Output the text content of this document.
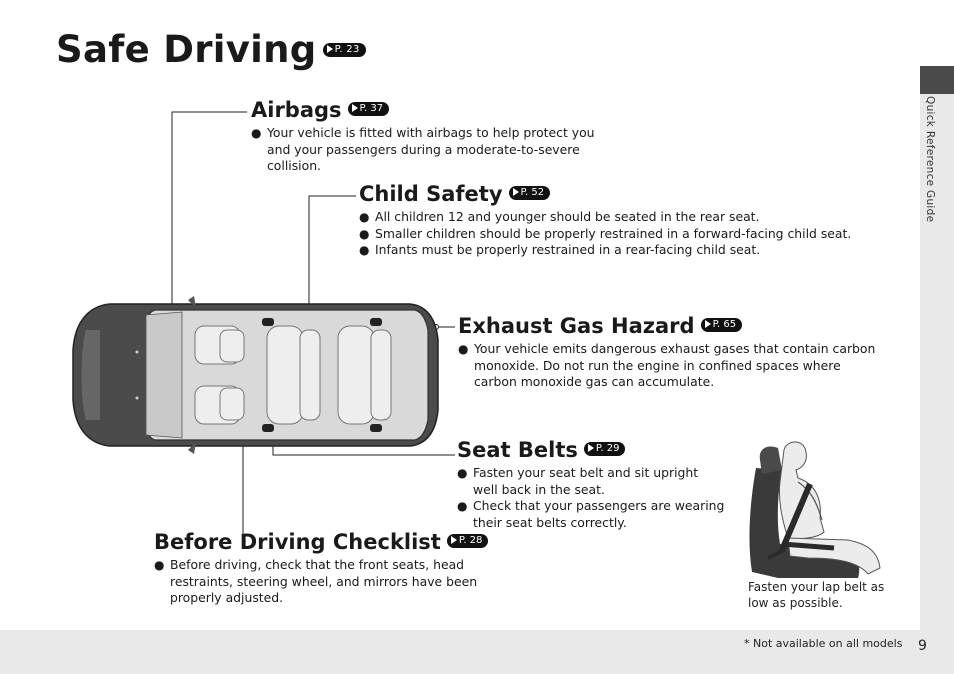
Quick Reference Guide
* Not available on all models 9
Safe Driving P. 23
Airbags P. 37
● Your vehicle is fitted with airbags to help protect you and your passengers during a moderate-to-severe collision.
Child Safety P. 52
● All children 12 and younger should be seated in the rear seat.
● Smaller children should be properly restrained in a forward-facing child seat.
● Infants must be properly restrained in a rear-facing child seat.
Exhaust Gas Hazard P. 65
● Your vehicle emits dangerous exhaust gases that contain carbon monoxide. Do not run the engine in confined spaces where carbon monoxide gas can accumulate.
Seat Belts P. 29
● Fasten your seat belt and sit upright well back in the seat.
● Check that your passengers are wearing their seat belts correctly.
Before Driving Checklist P. 28
● Before driving, check that the front seats, head restraints, steering wheel, and mirrors have been properly adjusted.
Fasten your lap belt as low as possible.
